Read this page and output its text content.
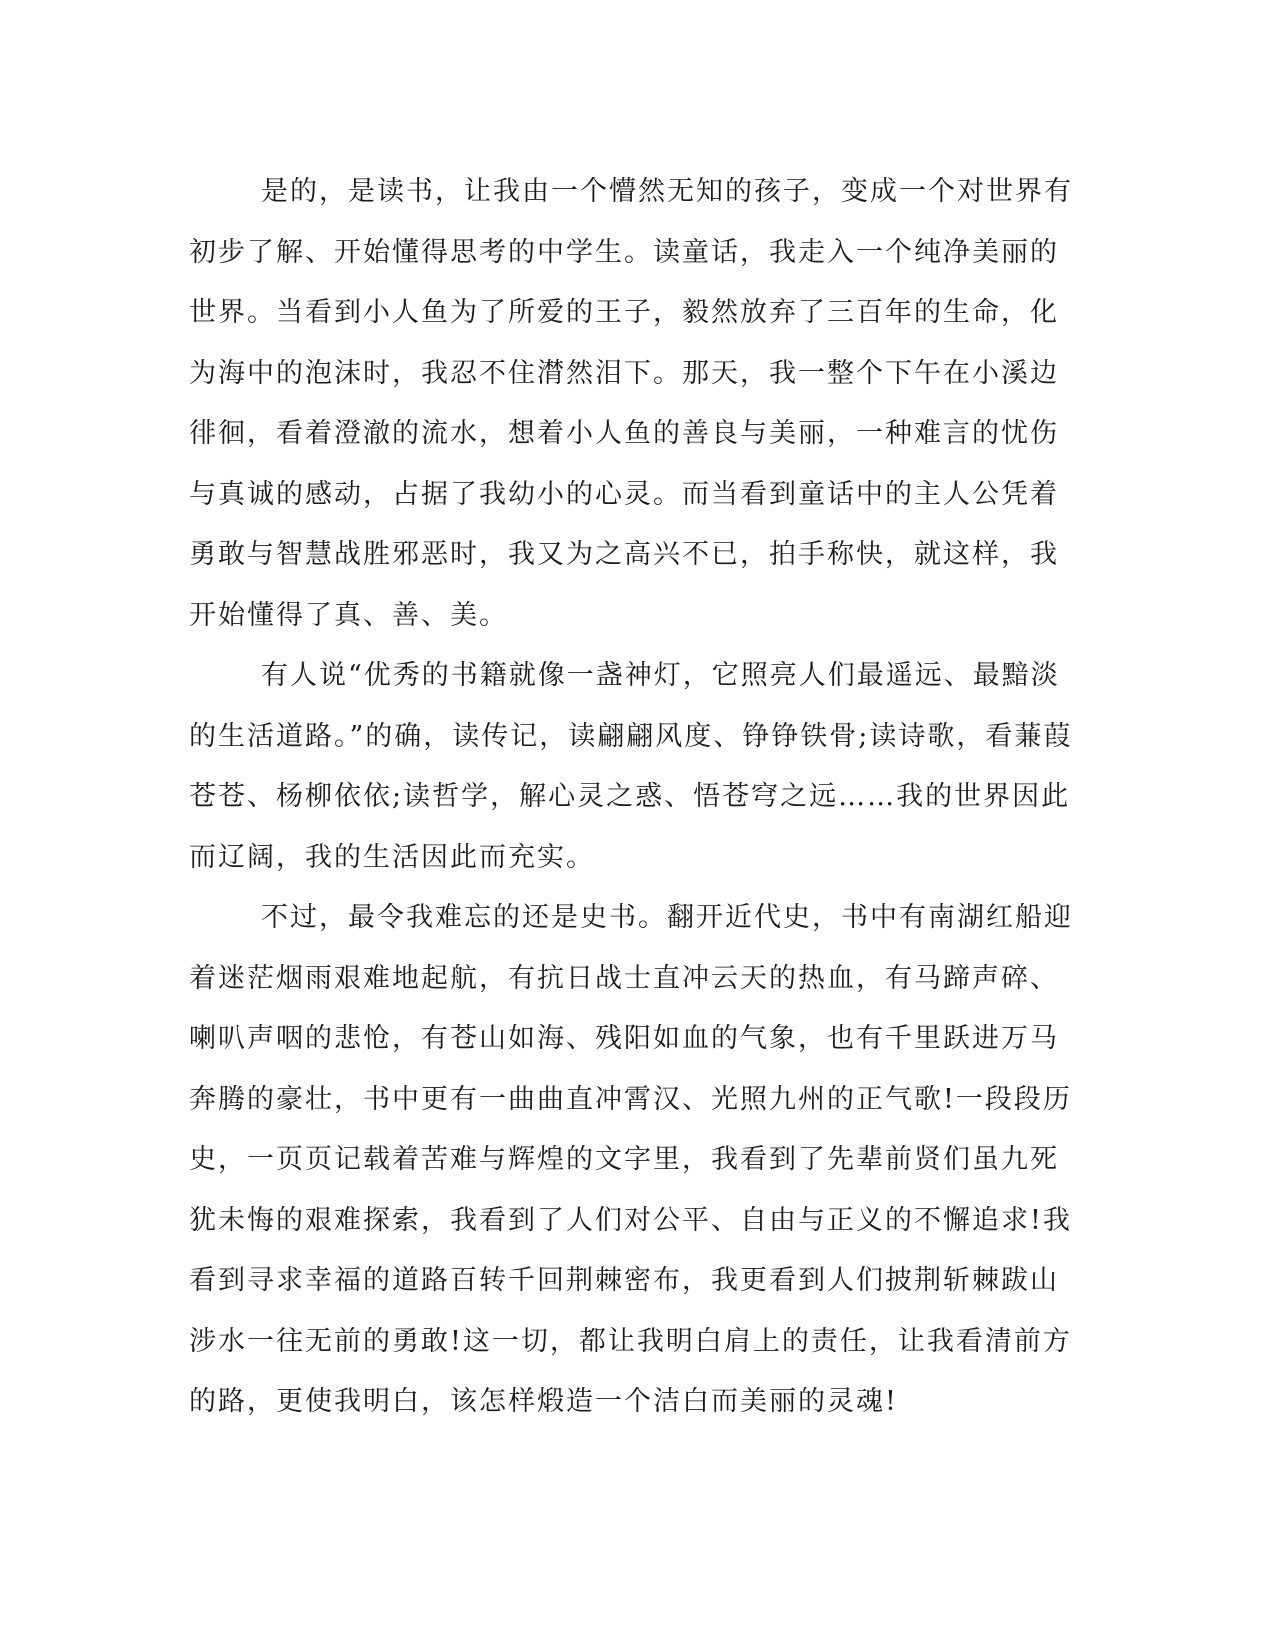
是的，是读书，让我由一个懵然无知的孩子，变成一个对世界有
初步了解、开始懂得思考的中学生。读童话，我走入一个纯净美丽的
世界。当看到小人鱼为了所爱的王子，毅然放弃了三百年的生命，化
为海中的泡沫时，我忍不住潸然泪下。那天，我一整个下午在小溪边
徘徊，看着澄澈的流水，想着小人鱼的善良与美丽，一种难言的忧伤
与真诚的感动，占据了我幼小的心灵。而当看到童话中的主人公凭着
勇敢与智慧战胜邪恶时，我又为之高兴不已，拍手称快，就这样，我
开始懂得了真、善、美。
有人说“优秀的书籍就像一盏神灯，它照亮人们最遥远、最黯淡
的生活道路。”的确，读传记，读翩翩风度、铮铮铁骨;读诗歌，看蒹葭
苍苍、杨柳依依;读哲学，解心灵之惑、悟苍穹之远……我的世界因此
而辽阔，我的生活因此而充实。
不过，最令我难忘的还是史书。翻开近代史，书中有南湖红船迎
着迷茫烟雨艰难地起航，有抗日战士直冲云天的热血，有马蹄声碎、
喇叭声咽的悲怆，有苍山如海、残阳如血的气象，也有千里跃进万马
奔腾的豪壮，书中更有一曲曲直冲霄汉、光照九州的正气歌!一段段历
史，一页页记载着苦难与辉煌的文字里，我看到了先辈前贤们虽九死
犹未悔的艰难探索，我看到了人们对公平、自由与正义的不懈追求!我
看到寻求幸福的道路百转千回荆棘密布，我更看到人们披荆斩棘跋山
涉水一往无前的勇敢!这一切，都让我明白肩上的责任，让我看清前方
的路，更使我明白，该怎样煅造一个洁白而美丽的灵魂!
